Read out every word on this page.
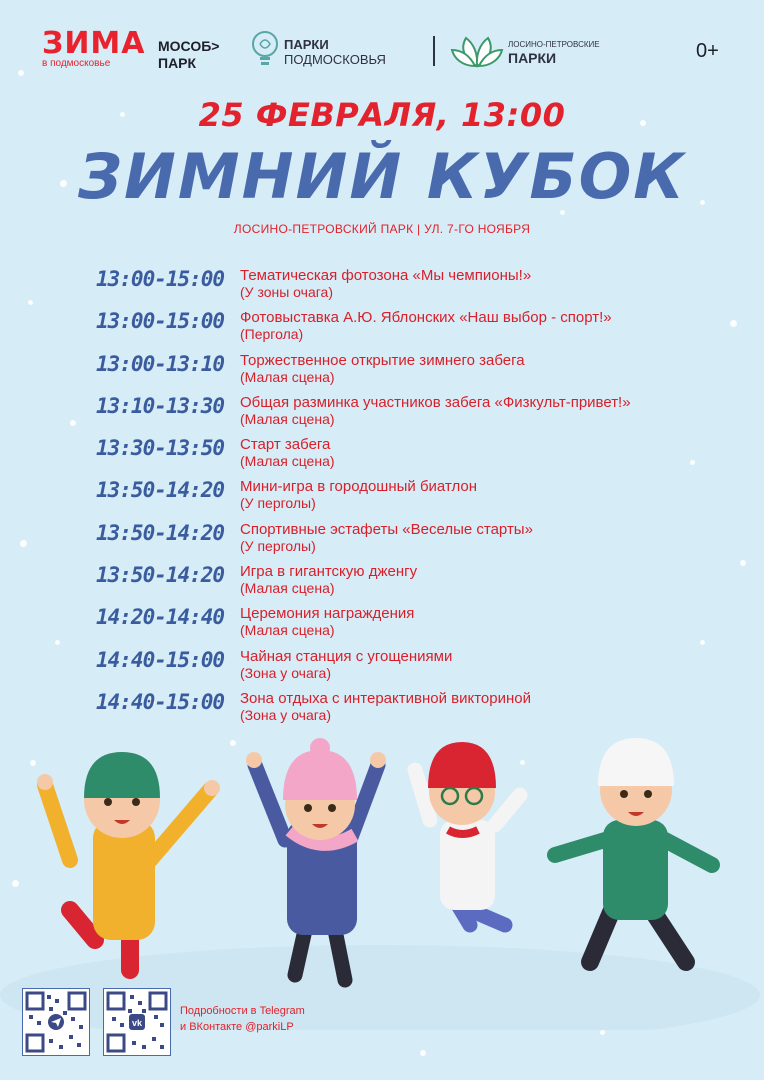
ЗИМА
в подмосковье
МОСОБ>
ПАРК
ПАРКИ
ПОДМОСКОВЬЯ
ЛОСИНО-ПЕТРОВСКИЕ
ПАРКИ	0+
25 ФЕВРАЛЯ, 13:00
ЗИМНИЙ КУБОК
ЛОСИНО-ПЕТРОВСКИЙ ПАРК | УЛ. 7-ГО НОЯБРЯ
13:00-15:00	Тематическая фотозона «Мы чемпионы!»
(У зоны очага)
13:00-15:00	Фотовыставка А.Ю. Яблонских «Наш выбор - спорт!»
(Пергола)
13:00-13:10	Торжественное открытие зимнего забега
(Малая сцена)
13:10-13:30	Общая разминка участников забега «Физкульт-привет!»
(Малая сцена)
13:30-13:50	Старт забега
(Малая сцена)
13:50-14:20	Мини-игра в городошный биатлон
(У перголы)
13:50-14:20	Спортивные эстафеты «Веселые старты»
(У перголы)
13:50-14:20	Игра в гигантскую дженгу
(Малая сцена)
14:20-14:40	Церемония награждения
(Малая сцена)
14:40-15:00	Чайная станция с угощениями
(Зона у очага)
14:40-15:00	Зона отдыха с интерактивной викториной
(Зона у очага)
vk
Подробности в Telegram
и ВКонтакте @parkiLP
